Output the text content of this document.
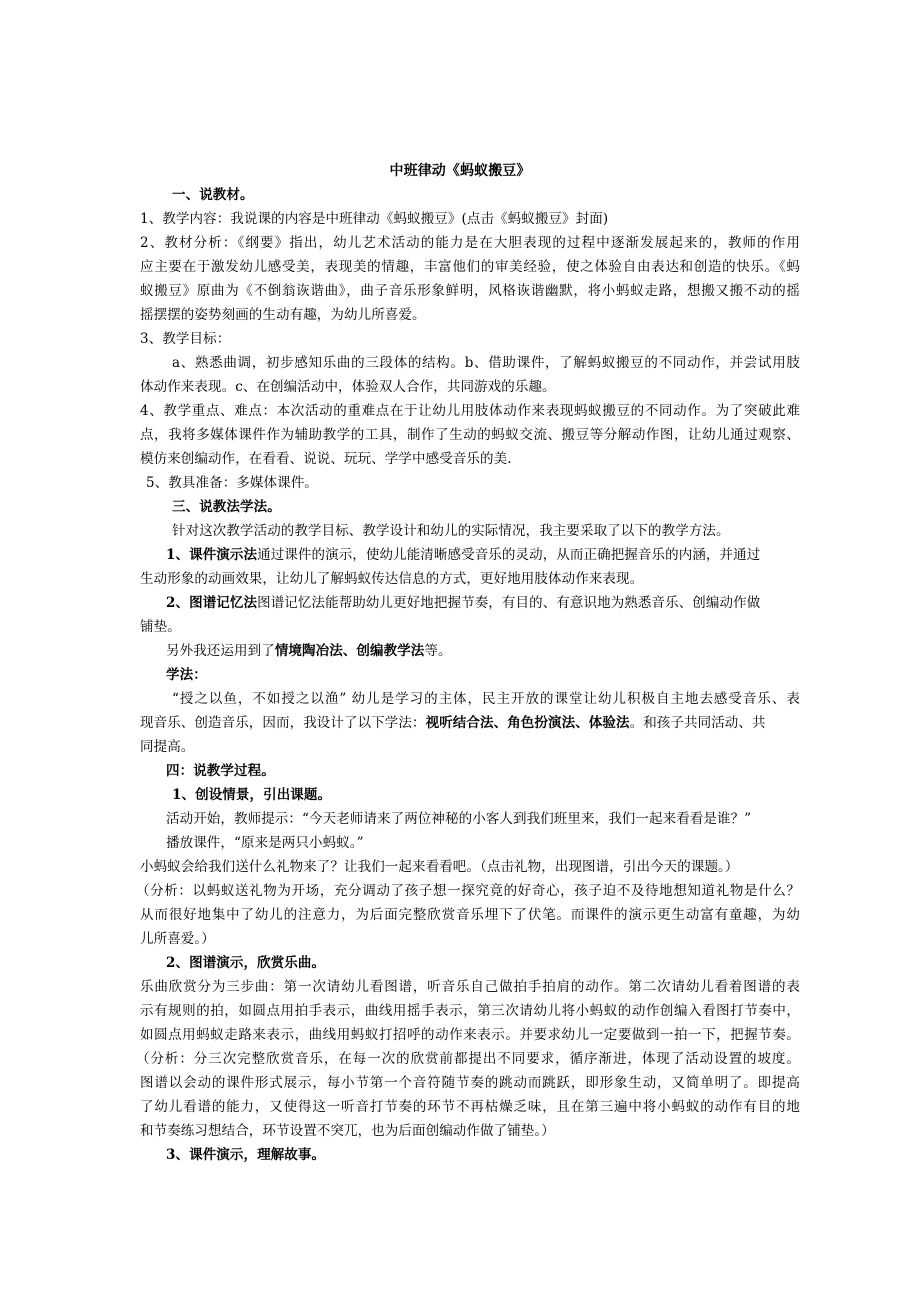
中班律动《蚂蚁搬豆》
一、说教材。
1、教学内容：我说课的内容是中班律动《蚂蚁搬豆》(点击《蚂蚁搬豆》封面)
2、教材分析：《纲要》指出，幼儿艺术活动的能力是在大胆表现的过程中逐渐发展起来的，教师的作用
应主要在于激发幼儿感受美，表现美的情趣，丰富他们的审美经验，使之体验自由表达和创造的快乐。《蚂
蚁搬豆》原曲为《不倒翁诙谐曲》，曲子音乐形象鲜明，风格诙谐幽默，将小蚂蚁走路，想搬又搬不动的摇
摇摆摆的姿势刻画的生动有趣，为幼儿所喜爱。
3、教学目标：
a、熟悉曲调，初步感知乐曲的三段体的结构。b、借助课件，了解蚂蚁搬豆的不同动作，并尝试用肢
体动作来表现。c、在创编活动中，体验双人合作，共同游戏的乐趣。
4、教学重点、难点：本次活动的重难点在于让幼儿用肢体动作来表现蚂蚁搬豆的不同动作。为了突破此难
点，我将多媒体课件作为辅助教学的工具，制作了生动的蚂蚁交流、搬豆等分解动作图，让幼儿通过观察、
模仿来创编动作，在看看、说说、玩玩、学学中感受音乐的美.
5、教具准备：多媒体课件。
三、说教法学法。
针对这次教学活动的教学目标、教学设计和幼儿的实际情况，我主要采取了以下的教学方法。
1、课件演示法通过课件的演示，使幼儿能清晰感受音乐的灵动，从而正确把握音乐的内涵，并通过
生动形象的动画效果，让幼儿了解蚂蚁传达信息的方式，更好地用肢体动作来表现。
2、图谱记忆法图谱记忆法能帮助幼儿更好地把握节奏，有目的、有意识地为熟悉音乐、创编动作做
铺垫。
另外我还运用到了情境陶冶法、创编教学法等。
学法：
“授之以鱼，不如授之以渔” 幼儿是学习的主体，民主开放的课堂让幼儿积极自主地去感受音乐、表
现音乐、创造音乐，因而，我设计了以下学法：视听结合法、角色扮演法、体验法。和孩子共同活动、共
同提高。
四：说教学过程。
1、创设情景，引出课题。
活动开始，教师提示：“今天老师请来了两位神秘的小客人到我们班里来，我们一起来看看是谁？”
播放课件，“原来是两只小蚂蚁。”
小蚂蚁会给我们送什么礼物来了？让我们一起来看看吧。（点击礼物，出现图谱，引出今天的课题。）
（分析：以蚂蚁送礼物为开场，充分调动了孩子想一探究竟的好奇心，孩子迫不及待地想知道礼物是什么？
从而很好地集中了幼儿的注意力，为后面完整欣赏音乐埋下了伏笔。而课件的演示更生动富有童趣，为幼
儿所喜爱。）
2、图谱演示，欣赏乐曲。
乐曲欣赏分为三步曲：第一次请幼儿看图谱，听音乐自己做拍手拍肩的动作。第二次请幼儿看着图谱的表
示有规则的拍，如圆点用拍手表示，曲线用摇手表示，第三次请幼儿将小蚂蚁的动作创编入看图打节奏中，
如圆点用蚂蚁走路来表示，曲线用蚂蚁打招呼的动作来表示。并要求幼儿一定要做到一拍一下，把握节奏。
（分析：分三次完整欣赏音乐，在每一次的欣赏前都提出不同要求，循序渐进，体现了活动设置的坡度。
图谱以会动的课件形式展示，每小节第一个音符随节奏的跳动而跳跃，即形象生动，又简单明了。即提高
了幼儿看谱的能力，又使得这一听音打节奏的环节不再枯燥乏味，且在第三遍中将小蚂蚁的动作有目的地
和节奏练习想结合，环节设置不突兀，也为后面创编动作做了铺垫。）
3、课件演示，理解故事。
